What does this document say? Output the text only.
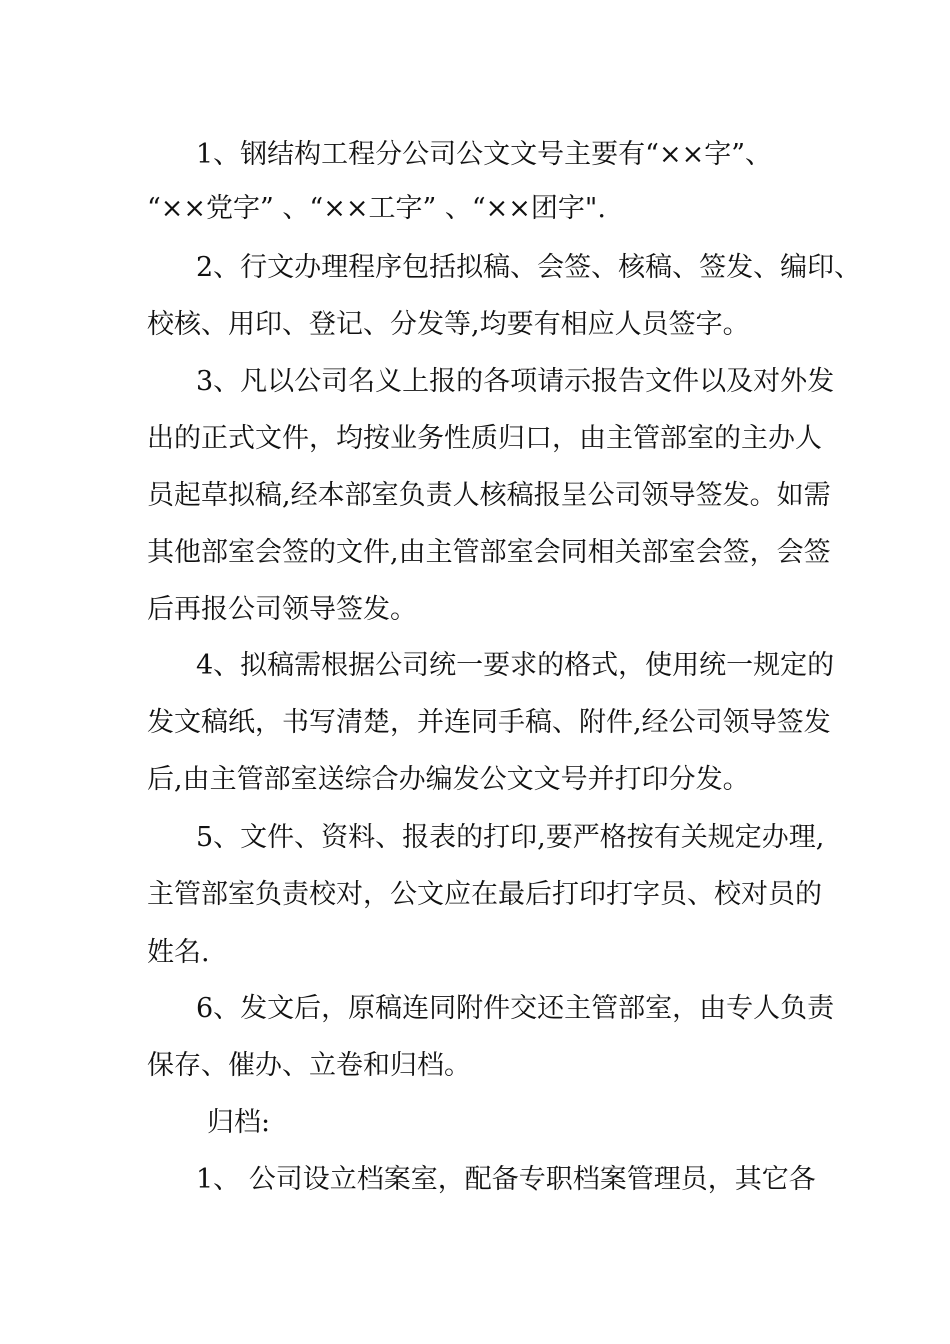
1、钢结构工程分公司公文文号主要有“××字”、
“××党字” 、“××工字” 、“××团字".
2、行文办理程序包括拟稿、会签、核稿、签发、编印、
校核、用印、登记、分发等,均要有相应人员签字。
3、凡以公司名义上报的各项请示报告文件以及对外发
出的正式文件，均按业务性质归口，由主管部室的主办人
员起草拟稿,经本部室负责人核稿报呈公司领导签发。如需
其他部室会签的文件,由主管部室会同相关部室会签，会签
后再报公司领导签发。
4、拟稿需根据公司统一要求的格式，使用统一规定的
发文稿纸，书写清楚，并连同手稿、附件,经公司领导签发
后,由主管部室送综合办编发公文文号并打印分发。
5、文件、资料、报表的打印,要严格按有关规定办理,
主管部室负责校对，公文应在最后打印打字员、校对员的
姓名.
6、发文后，原稿连同附件交还主管部室，由专人负责
保存、催办、立卷和归档。
归档:
1、 公司设立档案室，配备专职档案管理员，其它各
